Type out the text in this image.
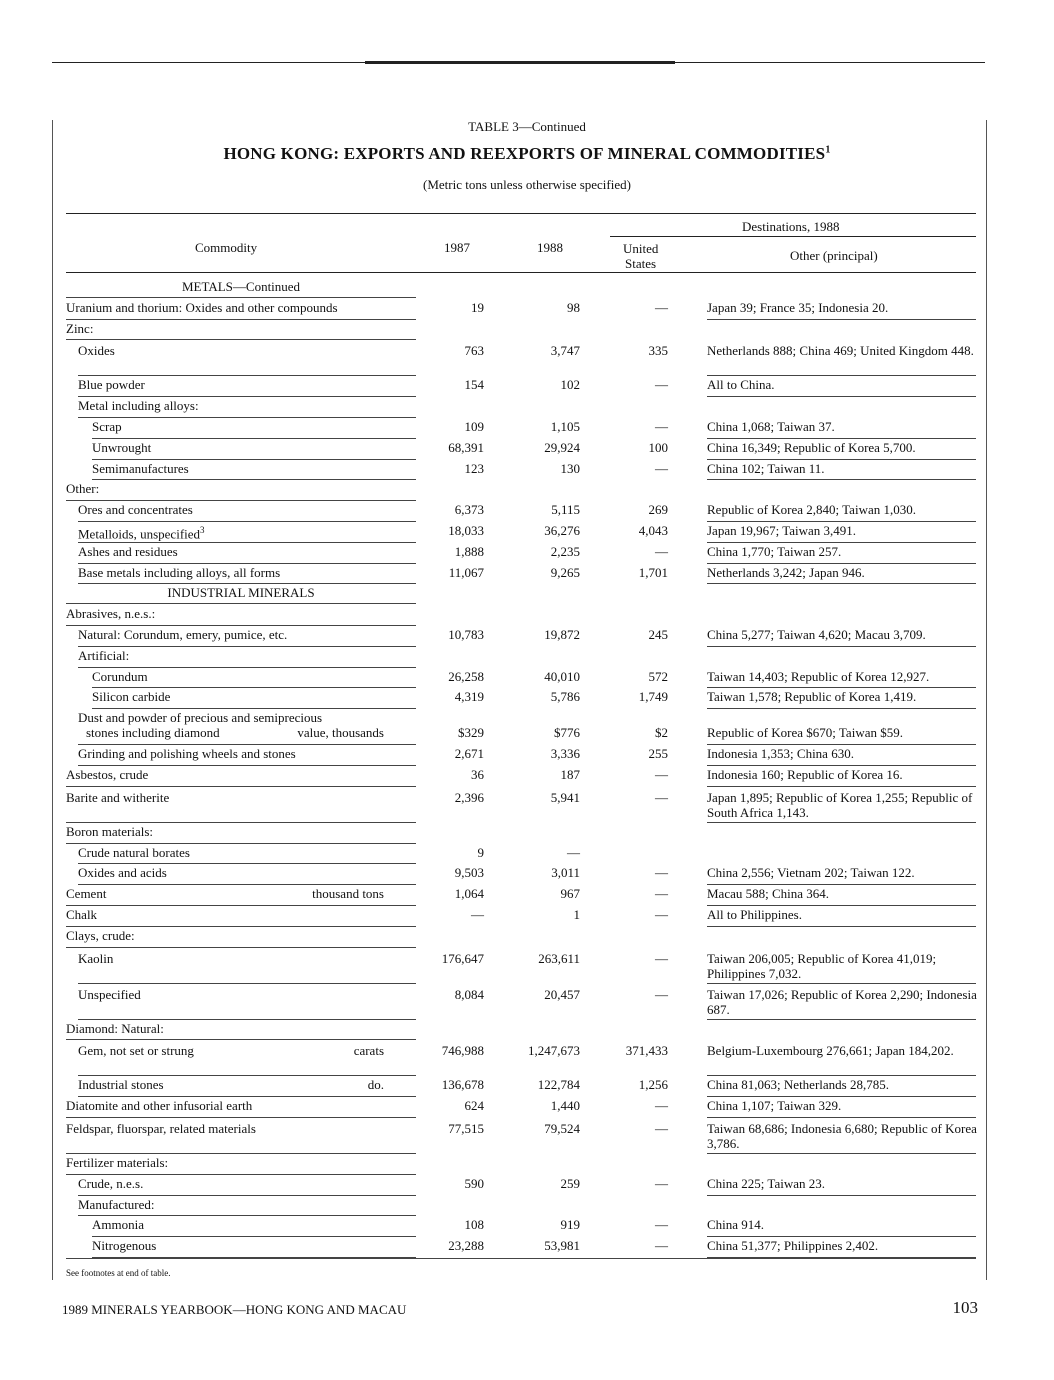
TABLE 3—Continued
HONG KONG: EXPORTS AND REEXPORTS OF MINERAL COMMODITIES$^1$
(Metric tons unless otherwise specified)
Commodity	1987	1988
Destinations, 1988
United
States
Other (principal)
METALS—Continued
Uranium and thorium: Oxides and other compounds	19	98	—	Japan 39; France 35; Indonesia 20.
Zinc:
Oxides	763	3,747	335	Netherlands 888; China 469; United Kingdom 448.
Blue powder	154	102	—	All to China.
Metal including alloys:
Scrap	109	1,105	—	China 1,068; Taiwan 37.
Unwrought	68,391	29,924	100	China 16,349; Republic of Korea 5,700.
Semimanufactures	123	130	—	China 102; Taiwan 11.
Other:
Ores and concentrates	6,373	5,115	269	Republic of Korea 2,840; Taiwan 1,030.
Metalloids, unspecified$^3$	18,033	36,276	4,043	Japan 19,967; Taiwan 3,491.
Ashes and residues	1,888	2,235	—	China 1,770; Taiwan 257.
Base metals including alloys, all forms	11,067	9,265	1,701	Netherlands 3,242; Japan 946.
INDUSTRIAL MINERALS
Abrasives, n.e.s.:
Natural: Corundum, emery, pumice, etc.	10,783	19,872	245	China 5,277; Taiwan 4,620; Macau 3,709.
Artificial:
Corundum	26,258	40,010	572	Taiwan 14,403; Republic of Korea 12,927.
Silicon carbide	4,319	5,786	1,749	Taiwan 1,578; Republic of Korea 1,419.
Dust and powder of precious and semiprecious
stones including diamond	value, thousands	$329	$776	$2	Republic of Korea $670; Taiwan $59.
Grinding and polishing wheels and stones	2,671	3,336	255	Indonesia 1,353; China 630.
Asbestos, crude	36	187	—	Indonesia 160; Republic of Korea 16.
Barite and witherite	2,396	5,941	—	Japan 1,895; Republic of Korea 1,255; Republic of South Africa 1,143.
Boron materials:
Crude natural borates	9	—
Oxides and acids	9,503	3,011	—	China 2,556; Vietnam 202; Taiwan 122.
Cement	thousand tons	1,064	967	—	Macau 588; China 364.
Chalk	—	1	—	All to Philippines.
Clays, crude:
Kaolin	176,647	263,611	—	Taiwan 206,005; Republic of Korea 41,019; Philippines 7,032.
Unspecified	8,084	20,457	—	Taiwan 17,026; Republic of Korea 2,290; Indonesia 687.
Diamond: Natural:
Gem, not set or strung	carats	746,988	1,247,673	371,433	Belgium-Luxembourg 276,661; Japan 184,202.
Industrial stones	do.	136,678	122,784	1,256	China 81,063; Netherlands 28,785.
Diatomite and other infusorial earth	624	1,440	—	China 1,107; Taiwan 329.
Feldspar, fluorspar, related materials	77,515	79,524	—	Taiwan 68,686; Indonesia 6,680; Republic of Korea 3,786.
Fertilizer materials:
Crude, n.e.s.	590	259	—	China 225; Taiwan 23.
Manufactured:
Ammonia	108	919	—	China 914.
Nitrogenous	23,288	53,981	—	China 51,377; Philippines 2,402.
See footnotes at end of table.
1989 MINERALS YEARBOOK—HONG KONG AND MACAU	103
